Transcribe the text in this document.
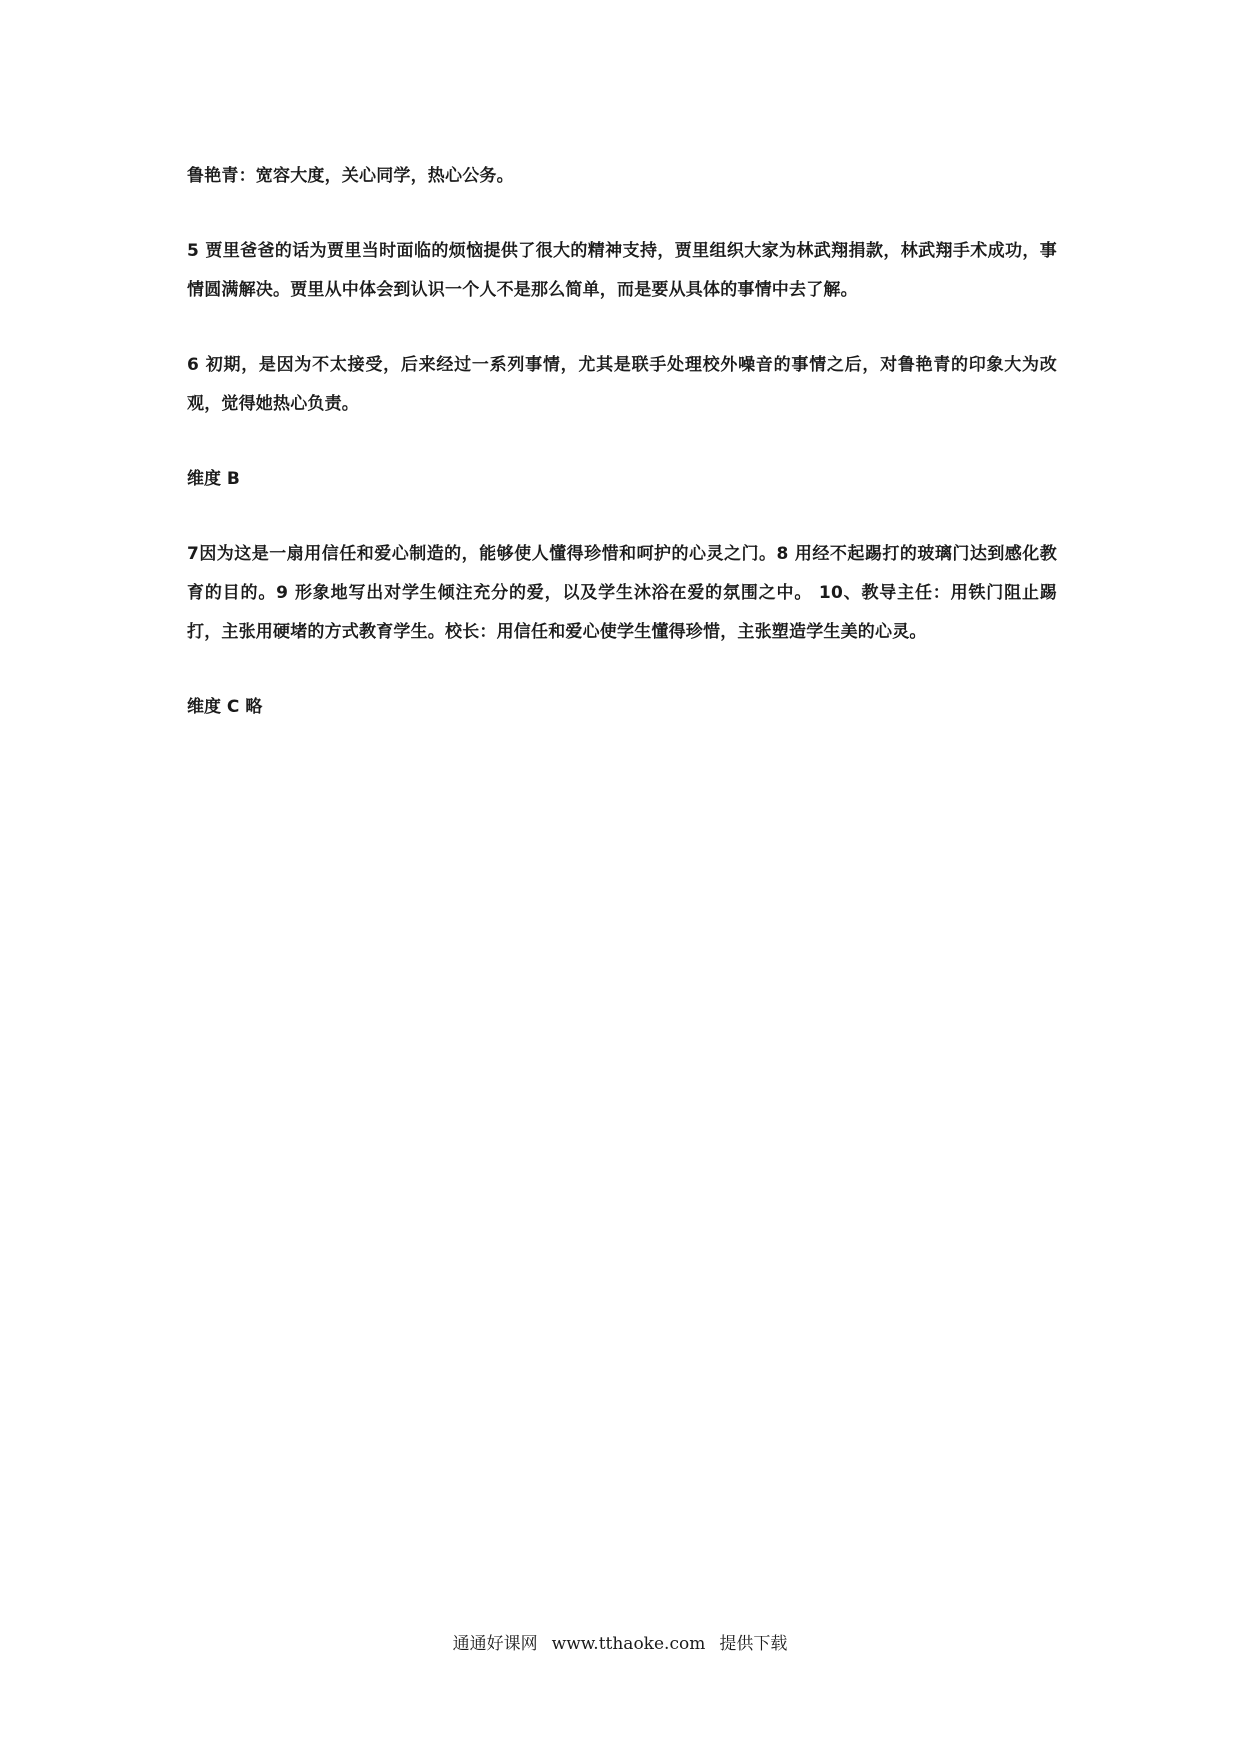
鲁艳青：宽容大度，关心同学，热心公务。

5 贾里爸爸的话为贾里当时面临的烦恼提供了很大的精神支持，贾里组织大家为林武翔捐款，林武翔手术成功，事情圆满解决。贾里从中体会到认识一个人不是那么简单，而是要从具体的事情中去了解。

6 初期，是因为不太接受，后来经过一系列事情，尤其是联手处理校外噪音的事情之后，对鲁艳青的印象大为改观，觉得她热心负责。

维度 B

7因为这是一扇用信任和爱心制造的，能够使人懂得珍惜和呵护的心灵之门。8 用经不起踢打的玻璃门达到感化教育的目的。9 形象地写出对学生倾注充分的爱，以及学生沐浴在爱的氛围之中。 10、教导主任：用铁门阻止踢打，主张用硬堵的方式教育学生。校长：用信任和爱心使学生懂得珍惜，主张塑造学生美的心灵。

维度 C 略

通通好课网 www.tthaoke.com 提供下载
